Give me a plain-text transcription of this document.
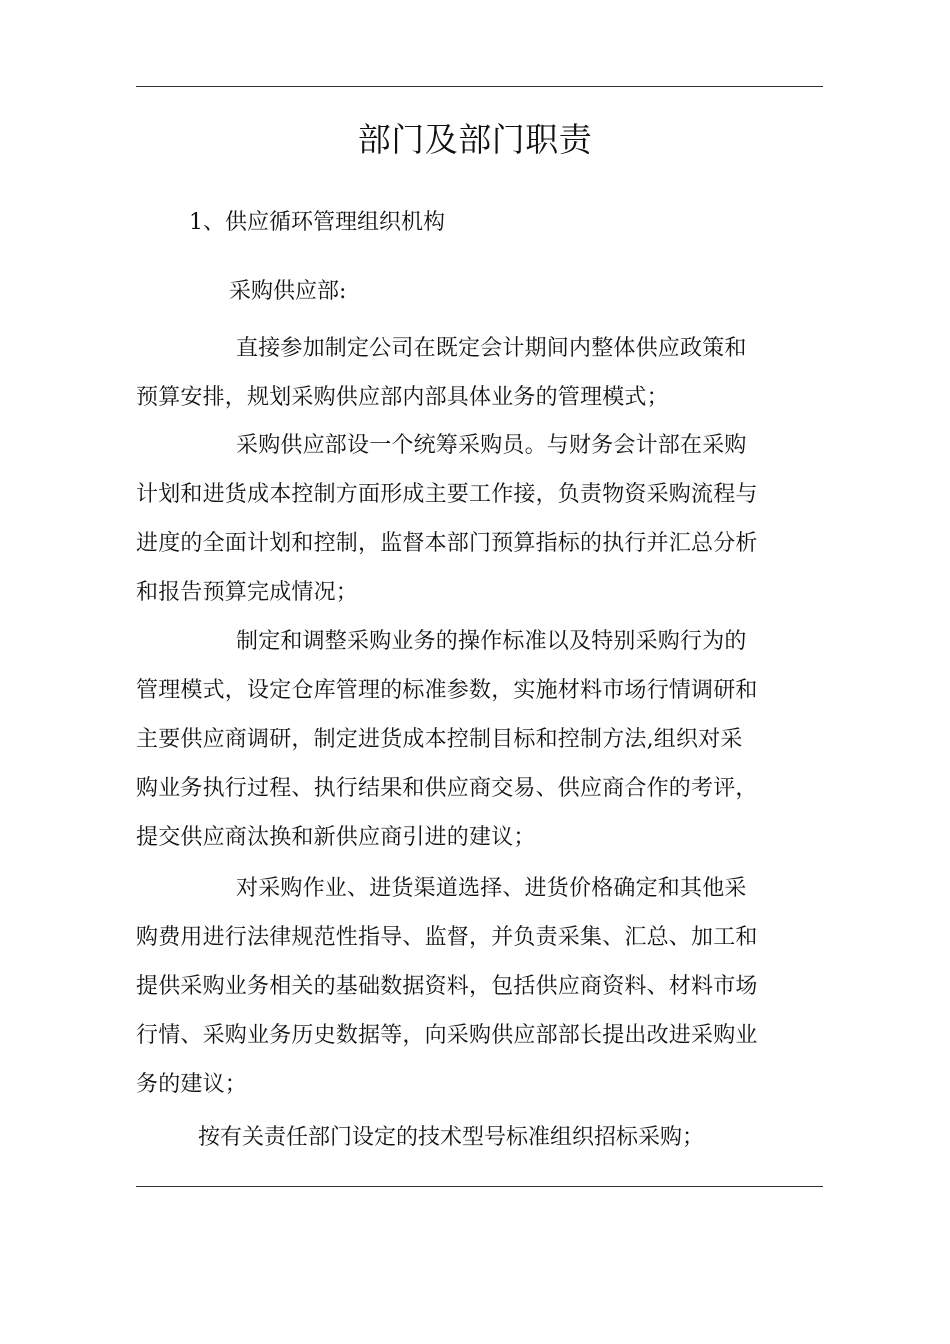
部门及部门职责
1、供应循环管理组织机构
采购供应部:
直接参加制定公司在既定会计期间内整体供应政策和
预算安排，规划采购供应部内部具体业务的管理模式；
采购供应部设一个统筹采购员。与财务会计部在采购
计划和进货成本控制方面形成主要工作接，负责物资采购流程与
进度的全面计划和控制，监督本部门预算指标的执行并汇总分析
和报告预算完成情况；
制定和调整采购业务的操作标准以及特别采购行为的
管理模式，设定仓库管理的标准参数，实施材料市场行情调研和
主要供应商调研，制定进货成本控制目标和控制方法,组织对采
购业务执行过程、执行结果和供应商交易、供应商合作的考评，
提交供应商汰换和新供应商引进的建议；
对采购作业、进货渠道选择、进货价格确定和其他采
购费用进行法律规范性指导、监督，并负责采集、汇总、加工和
提供采购业务相关的基础数据资料，包括供应商资料、材料市场
行情、采购业务历史数据等，向采购供应部部长提出改进采购业
务的建议；
按有关责任部门设定的技术型号标准组织招标采购；
